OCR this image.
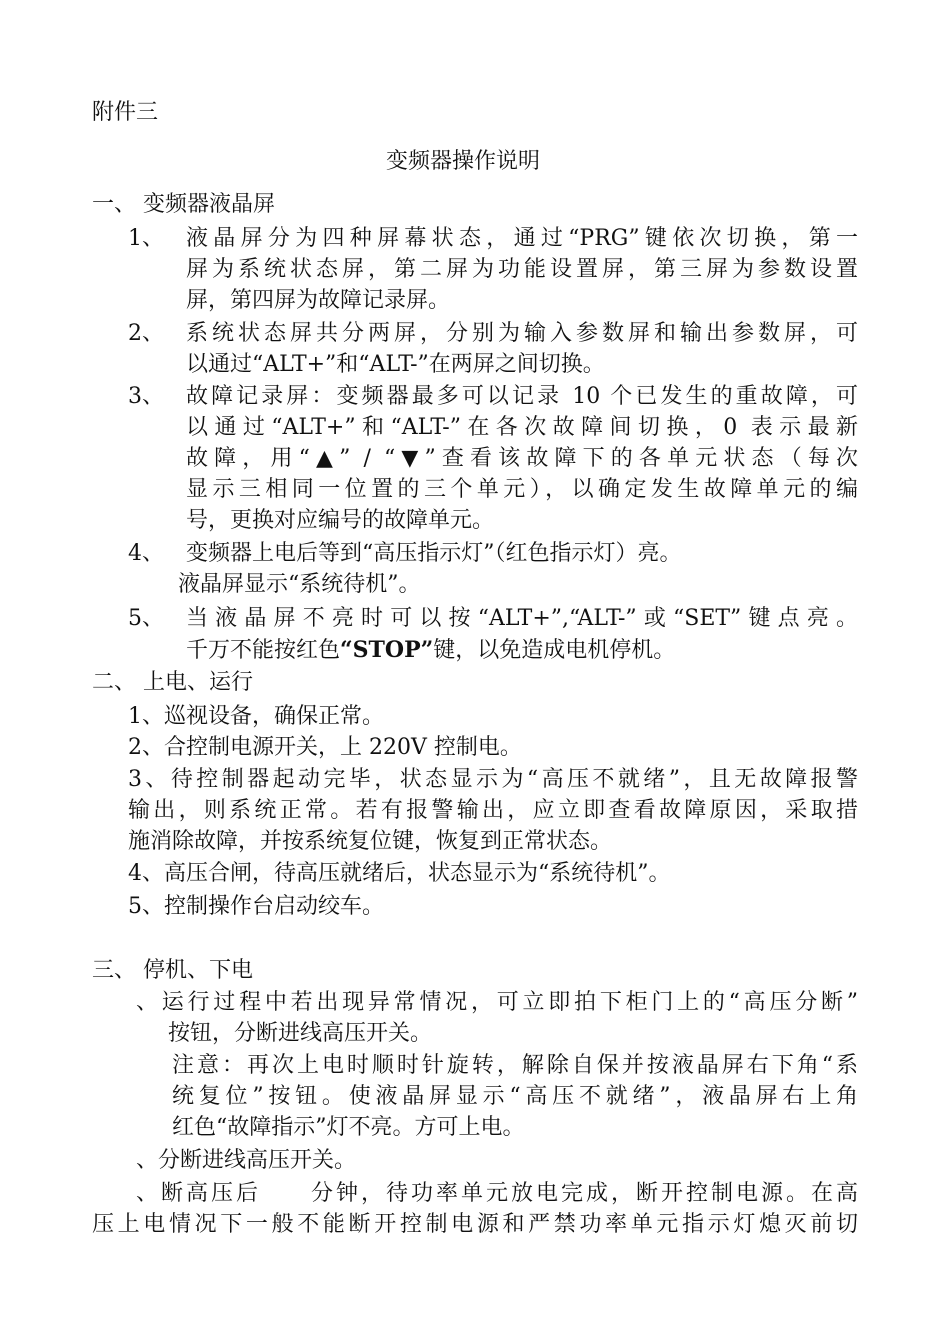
附件三
变频器操作说明
一、 变频器液晶屏
1、 液晶屏分为四种屏幕状态，通过“PRG”键依次切换，第一
屏为系统状态屏，第二屏为功能设置屏，第三屏为参数设置
屏，第四屏为故障记录屏。
2、 系统状态屏共分两屏，分别为输入参数屏和输出参数屏，可
以通过“ALT+”和“ALT-”在两屏之间切换。
3、 故障记录屏：变频器最多可以记录 10 个已发生的重故障，可
以通过“ALT+”和“ALT-”在各次故障间切换，0 表示最新
故障，用“▲” / “▼”查看该故障下的各单元状态（每次
显示三相同一位置的三个单元），以确定发生故障单元的编
号，更换对应编号的故障单元。
4、 变频器上电后等到“高压指示灯”（红色指示灯）亮。
液晶屏显示“系统待机”。
5、 当液晶屏不亮时可以按“ALT+”,“ALT-”或“SET”键点亮。
千万不能按红色“STOP”键，以免造成电机停机。
二、 上电、运行
1、巡视设备，确保正常。
2、合控制电源开关，上 220V 控制电。
3、待控制器起动完毕，状态显示为“高压不就绪”，且无故障报警
输出，则系统正常。若有报警输出，应立即查看故障原因，采取措
施消除故障，并按系统复位键，恢复到正常状态。
4、高压合闸，待高压就绪后，状态显示为“系统待机”。
5、控制操作台启动绞车。
三、 停机、下电
、运行过程中若出现异常情况，可立即拍下柜门上的“高压分断”
按钮，分断进线高压开关。
注意：再次上电时顺时针旋转，解除自保并按液晶屏右下角“系
统复位”按钮。使液晶屏显示“高压不就绪”，液晶屏右上角
红色“故障指示”灯不亮。方可上电。
、分断进线高压开关。
、断高压后　　分钟，待功率单元放电完成，断开控制电源。在高
压上电情况下一般不能断开控制电源和严禁功率单元指示灯熄灭前切
